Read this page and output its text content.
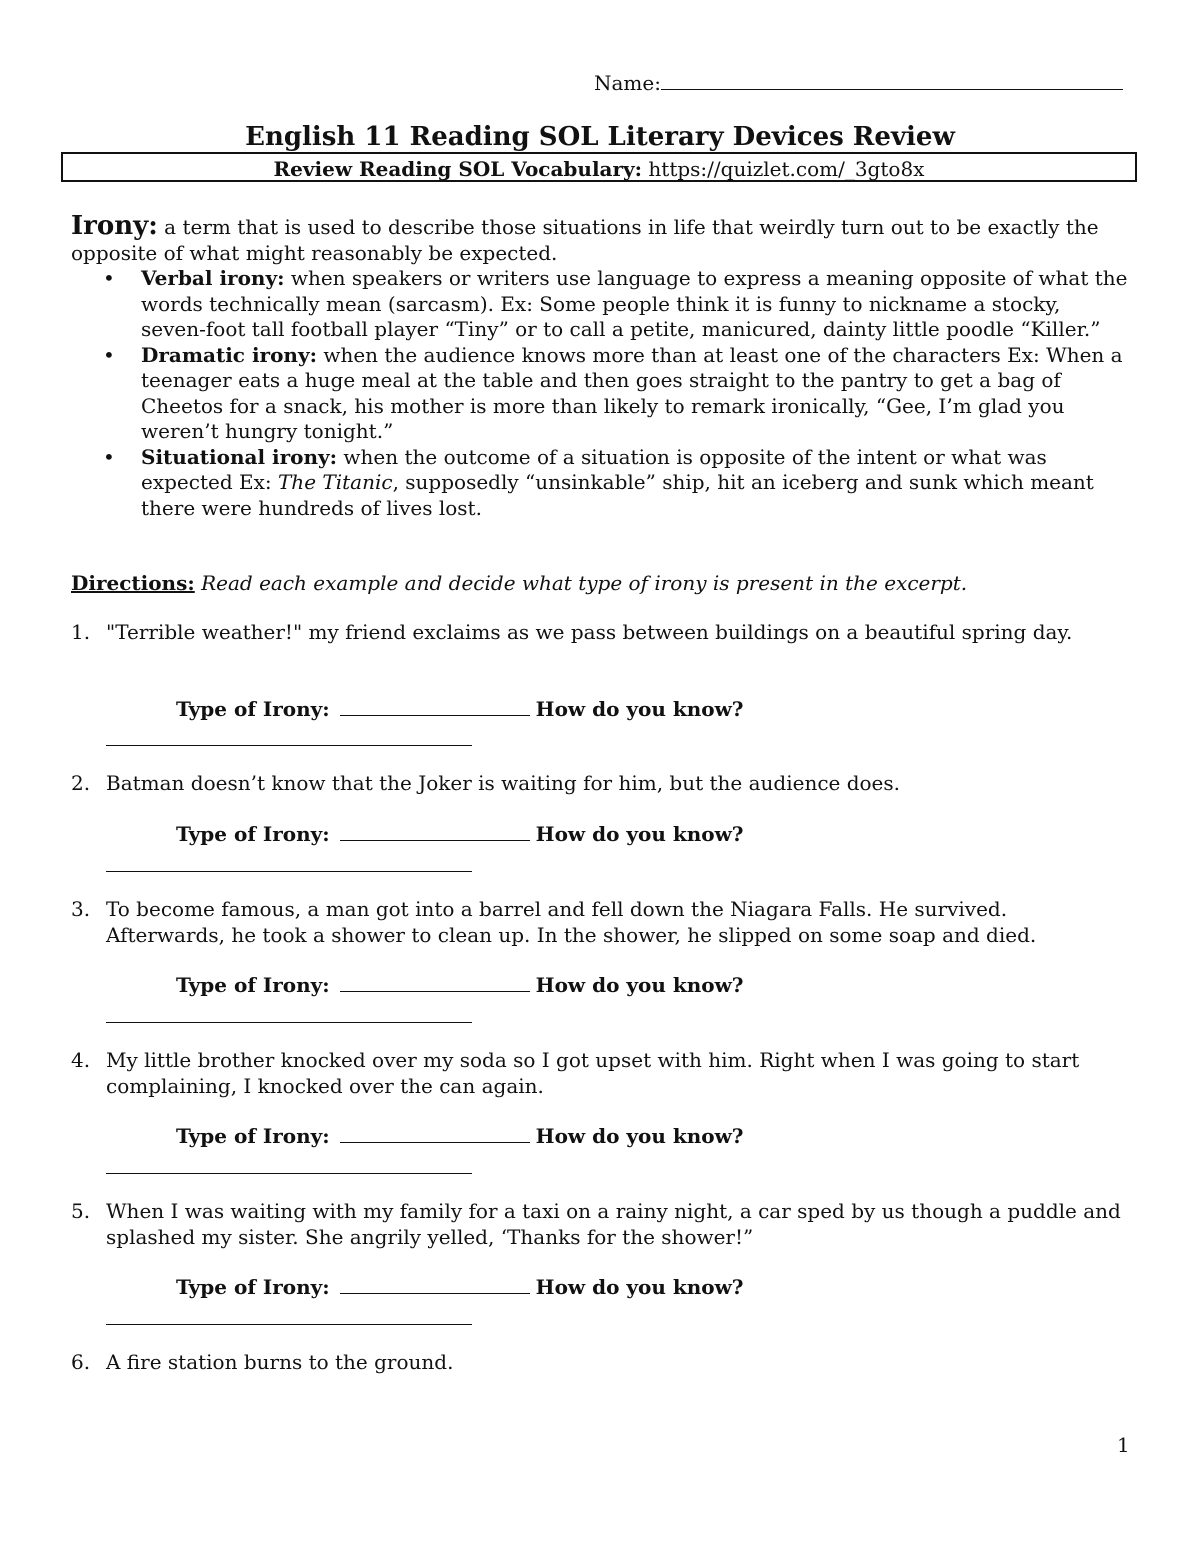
Name:
English 11 Reading SOL Literary Devices Review
Review Reading SOL Vocabulary: https://quizlet.com/_3gto8x
Irony: a term that is used to describe those situations in life that weirdly turn out to be exactly the opposite of what might reasonably be expected.
• Verbal irony: when speakers or writers use language to express a meaning opposite of what the words technically mean (sarcasm). Ex: Some people think it is funny to nickname a stocky, seven-foot tall football player “Tiny” or to call a petite, manicured, dainty little poodle “Killer.”
• Dramatic irony: when the audience knows more than at least one of the characters Ex: When a teenager eats a huge meal at the table and then goes straight to the pantry to get a bag of Cheetos for a snack, his mother is more than likely to remark ironically, “Gee, I’m glad you weren’t hungry tonight.”
• Situational irony: when the outcome of a situation is opposite of the intent or what was expected Ex: The Titanic, supposedly “unsinkable” ship, hit an iceberg and sunk which meant there were hundreds of lives lost.
Directions: Read each example and decide what type of irony is present in the excerpt.
1. "Terrible weather!" my friend exclaims as we pass between buildings on a beautiful spring day.
Type of Irony:	How do you know?
2. Batman doesn’t know that the Joker is waiting for him, but the audience does.
Type of Irony:	How do you know?
3. To become famous, a man got into a barrel and fell down the Niagara Falls. He survived. Afterwards, he took a shower to clean up. In the shower, he slipped on some soap and died.
Type of Irony:	How do you know?
4. My little brother knocked over my soda so I got upset with him. Right when I was going to start complaining, I knocked over the can again.
Type of Irony:	How do you know?
5. When I was waiting with my family for a taxi on a rainy night, a car sped by us though a puddle and splashed my sister. She angrily yelled, ‘Thanks for the shower!”
Type of Irony:	How do you know?
6. A fire station burns to the ground.
1
